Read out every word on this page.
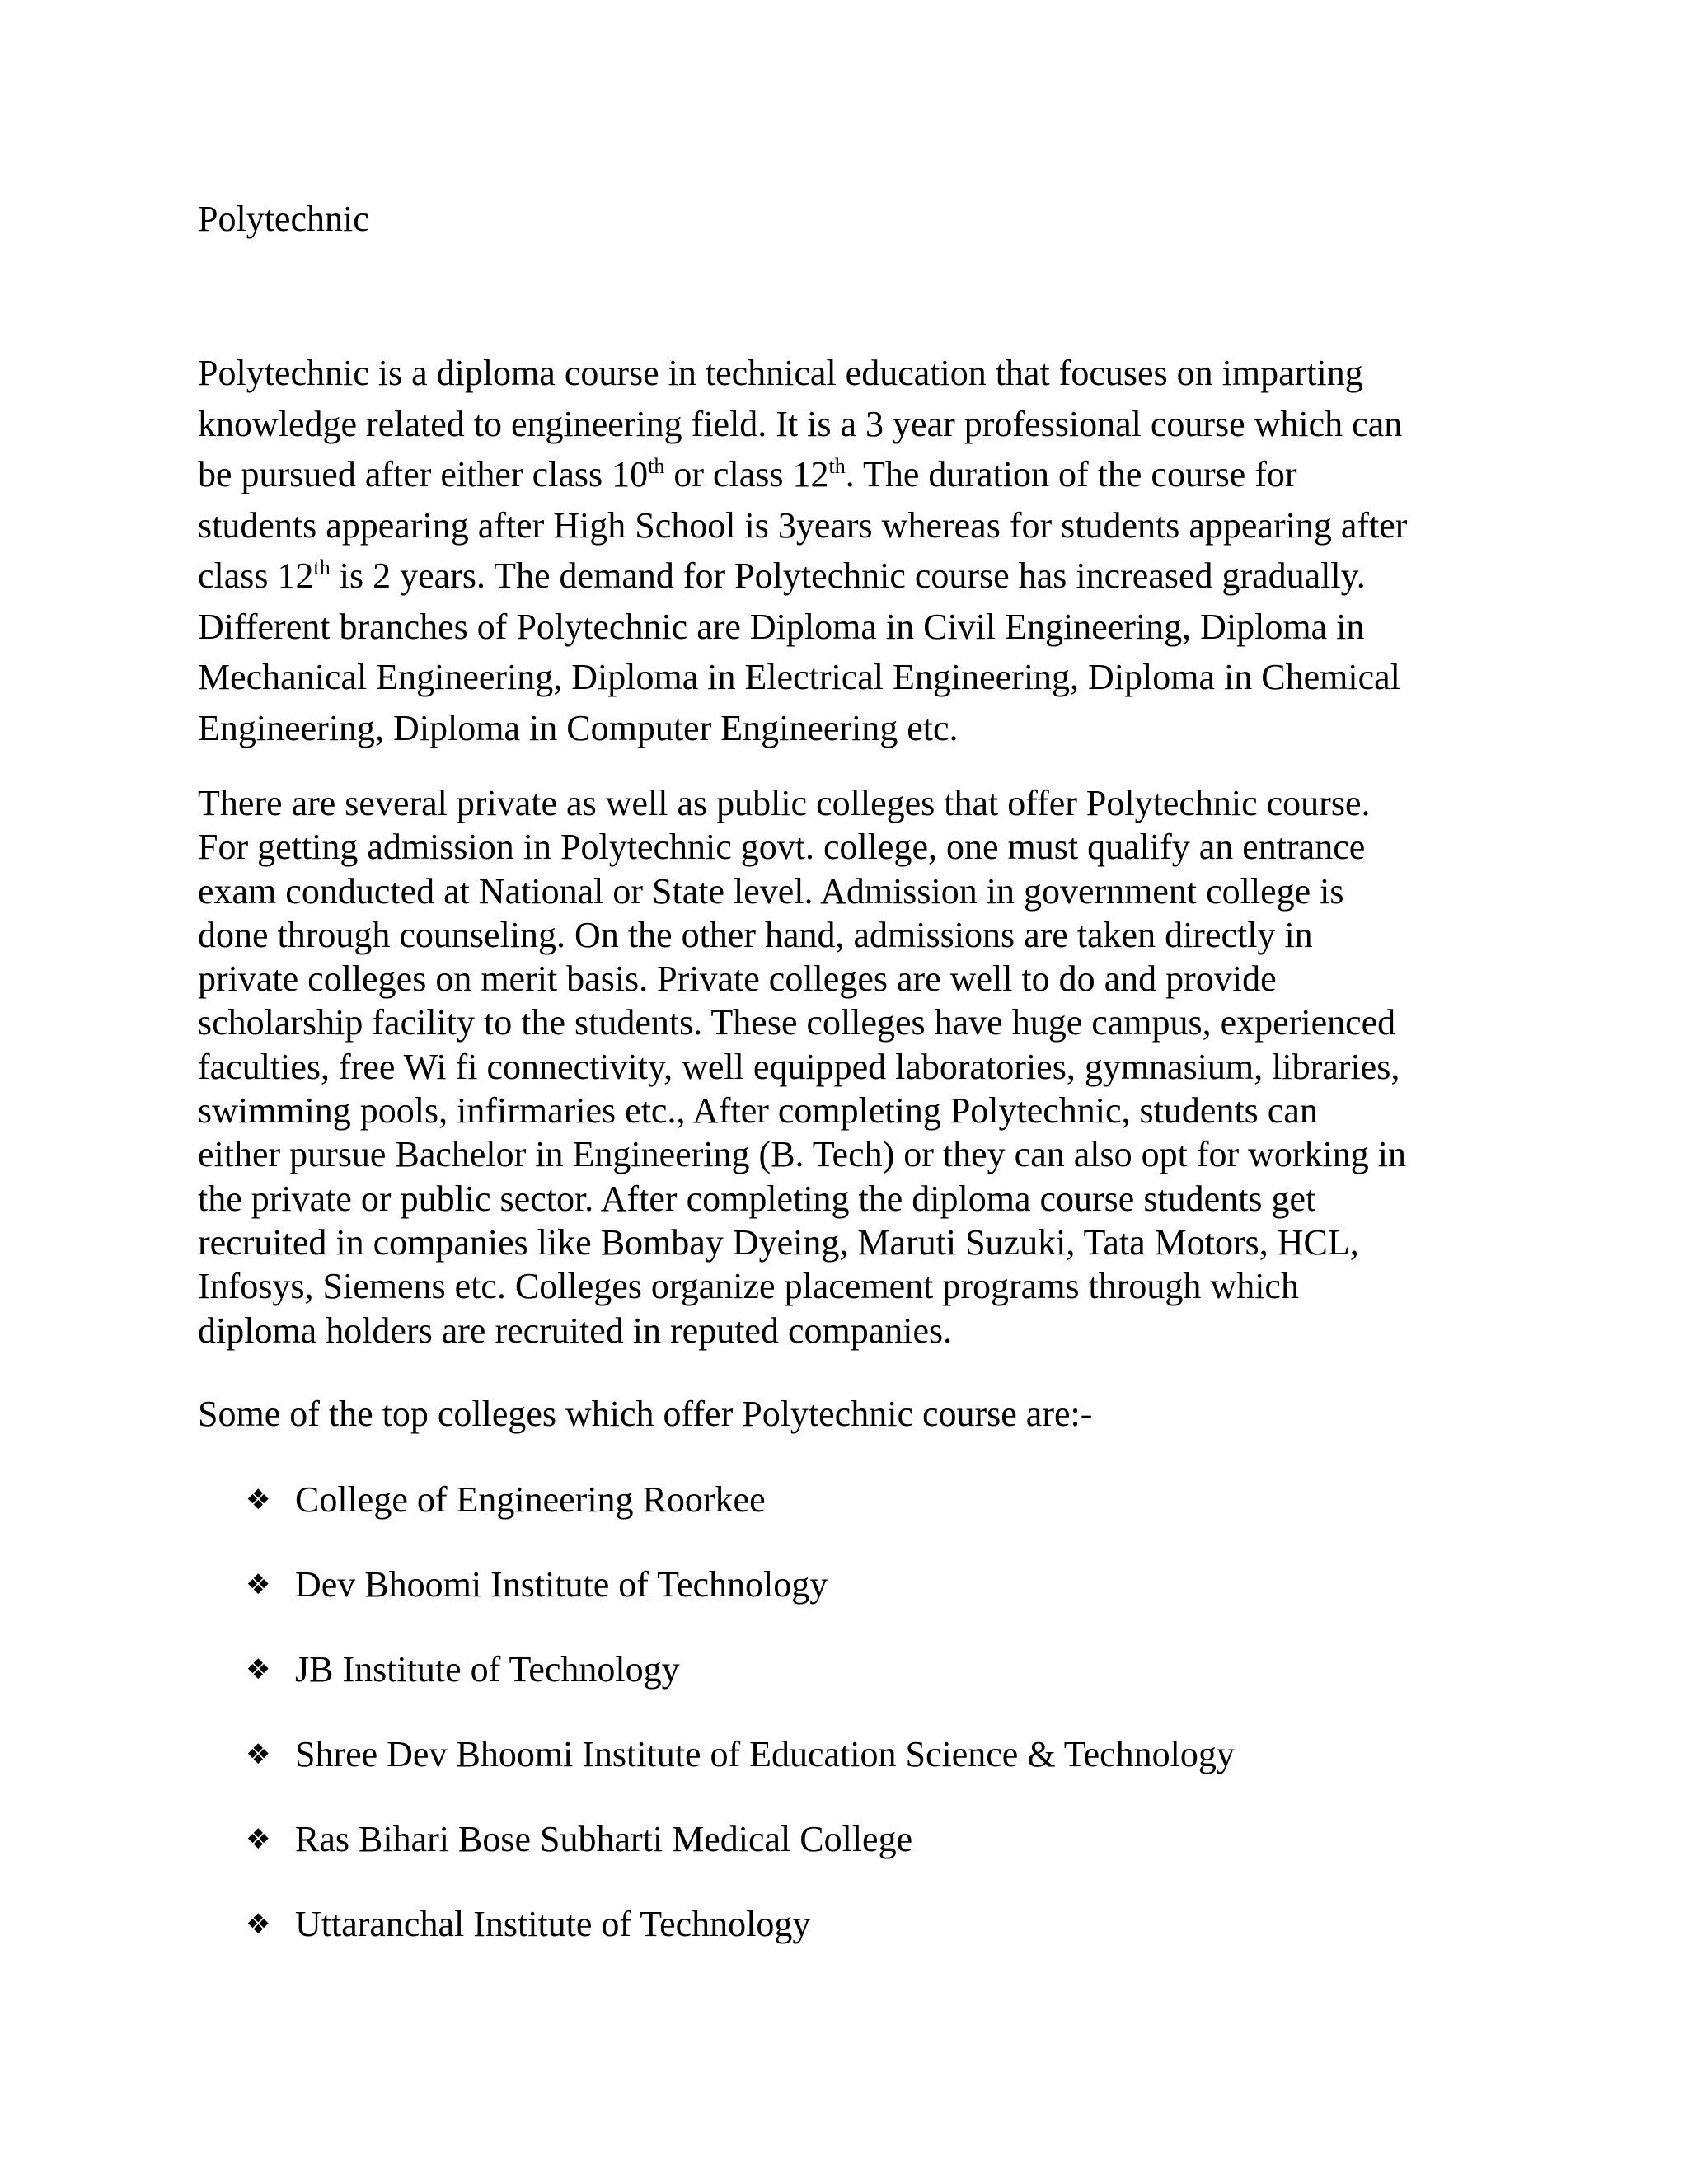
Polytechnic
Polytechnic is a diploma course in technical education that focuses on imparting
knowledge related to engineering field. It is a 3 year professional course which can
be pursued after either class 10th or class 12th. The duration of the course for
students appearing after High School is 3years whereas for students appearing after
class 12th is 2 years. The demand for Polytechnic course has increased gradually.
Different branches of Polytechnic are Diploma in Civil Engineering, Diploma in
Mechanical Engineering, Diploma in Electrical Engineering, Diploma in Chemical
Engineering, Diploma in Computer Engineering etc.
There are several private as well as public colleges that offer Polytechnic course.
For getting admission in Polytechnic govt. college, one must qualify an entrance
exam conducted at National or State level. Admission in government college is
done through counseling. On the other hand, admissions are taken directly in
private colleges on merit basis. Private colleges are well to do and provide
scholarship facility to the students. These colleges have huge campus, experienced
faculties, free Wi fi connectivity, well equipped laboratories, gymnasium, libraries,
swimming pools, infirmaries etc., After completing Polytechnic, students can
either pursue Bachelor in Engineering (B. Tech) or they can also opt for working in
the private or public sector. After completing the diploma course students get
recruited in companies like Bombay Dyeing, Maruti Suzuki, Tata Motors, HCL,
Infosys, Siemens etc. Colleges organize placement programs through which
diploma holders are recruited in reputed companies.
Some of the top colleges which offer Polytechnic course are:-
❖ College of Engineering Roorkee
❖ Dev Bhoomi Institute of Technology
❖ JB Institute of Technology
❖ Shree Dev Bhoomi Institute of Education Science & Technology
❖ Ras Bihari Bose Subharti Medical College
❖ Uttaranchal Institute of Technology
